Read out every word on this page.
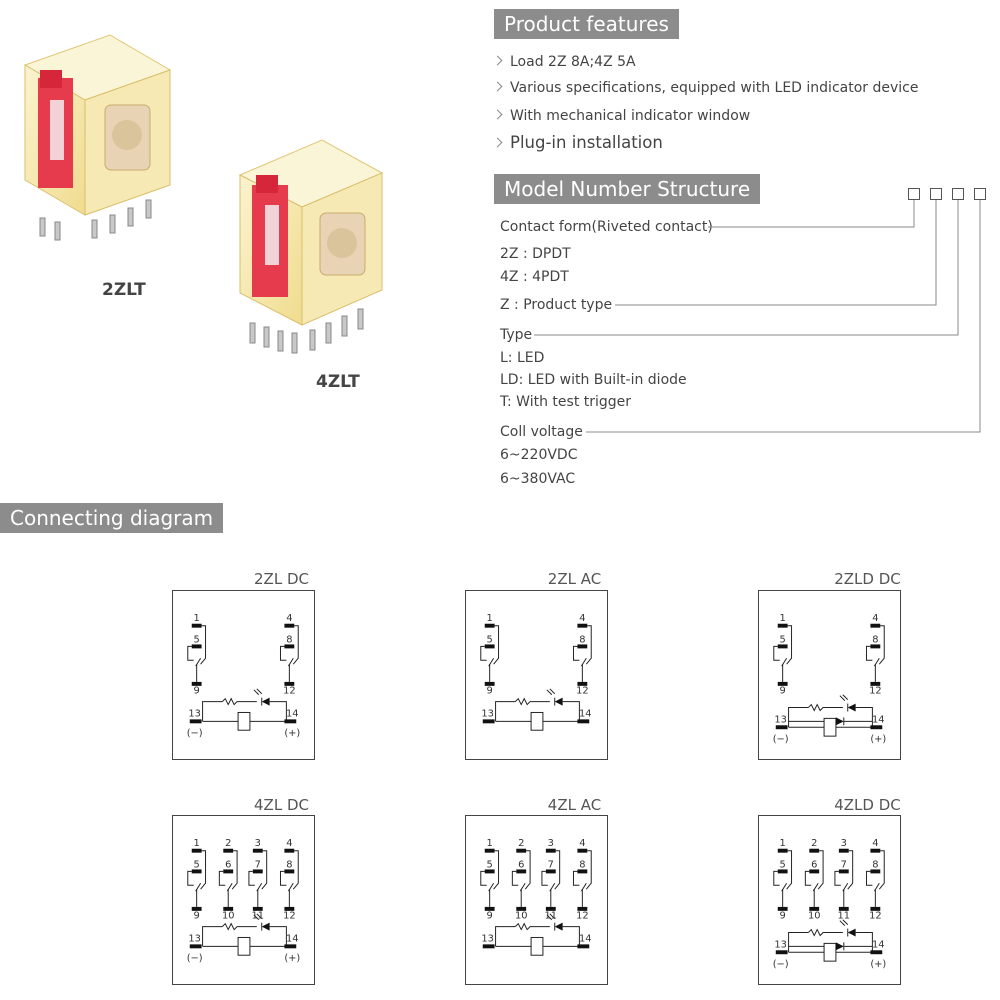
2ZLT
4ZLT
Product features
Load 2Z 8A;4Z 5A
Various specifications, equipped with LED indicator device
With mechanical indicator window
Plug-in installation
Model Number Structure
Contact form(Riveted contact)
2Z : DPDT
4Z : 4PDT
Z : Product type
Type
L: LED
LD: LED with Built-in diode
T: With test trigger
Coll voltage
6~220VDC
6~380VAC
Connecting diagram
2ZL DC
1
5
9
4
8
12
13	14
(−)	(+)
2ZL AC
1
5
9
4
8
12
13	14
2ZLD DC
1
5
9
4
8
12
13	14
(−)	(+)
4ZL DC
1
5
9
2
6
10
3
7
11
4
8
12
13	14
(−)	(+)
4ZL AC
1
5
9
2
6
10
3
7
11
4
8
12
13	14
4ZLD DC
1
5
9
2
6
10
3
7
11
4
8
12
13	14
(−)	(+)
